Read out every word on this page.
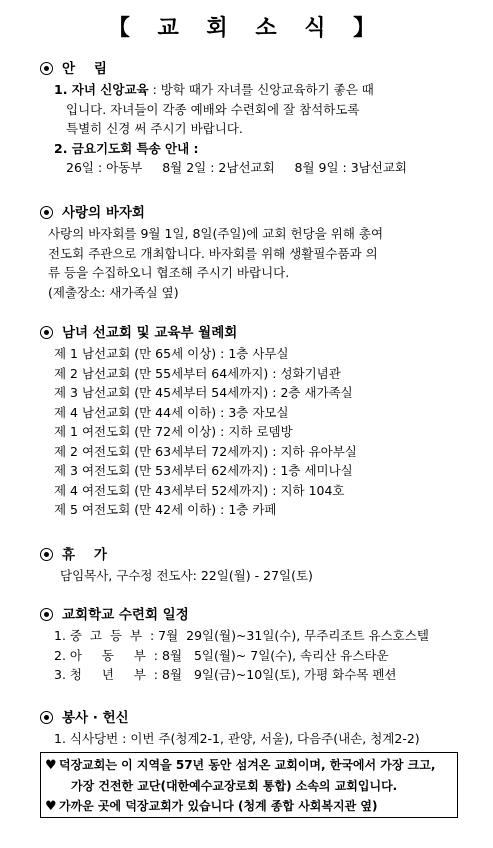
【 교 회 소 식 】
안    림
1. 자녀 신앙교육 : 방학 때가 자녀를 신앙교육하기 좋은 때
입니다. 자녀들이 각종 예배와 수련회에 잘 참석하도록
특별히 신경 써 주시기 바랍니다.
2. 금요기도회 특송 안내 :
26일 : 아동부     8월 2일 : 2남선교회     8월 9일 : 3남선교회
사랑의 바자회
사랑의 바자회를 9월 1일, 8일(주일)에 교회 헌당을 위해 총여
전도회 주관으로 개최합니다. 바자회를 위해 생활필수품과 의
류 등을 수집하오니 협조해 주시기 바랍니다.
(제출장소: 새가족실 옆)
남녀 선교회 및 교육부 월례회
제 1 남선교회 (만 65세 이상) : 1층 사무실
제 2 남선교회 (만 55세부터 64세까지) : 성화기념관
제 3 남선교회 (만 45세부터 54세까지) : 2층 새가족실
제 4 남선교회 (만 44세 이하) : 3층 자모실
제 1 여전도회 (만 72세 이상) : 지하 로뎀방
제 2 여전도회 (만 63세부터 72세까지) : 지하 유아부실
제 3 여전도회 (만 53세부터 62세까지) : 1층 세미나실
제 4 여전도회 (만 43세부터 52세까지) : 지하 104호
제 5 여전도회 (만 42세 이하) : 1층 카페
휴    가
담임목사, 구수정 전도사: 22일(월) - 27일(토)
교회학교 수련회 일정
1. 중  고  등  부  : 7월  29일(월)~31일(수), 무주리조트 유스호스텔
2. 아     동     부  : 8월   5일(월)~ 7일(수), 속리산 유스타운
3. 청     년     부  : 8월   9일(금)~10일(토), 가평 화수목 펜션
봉사 · 헌신
1. 식사당번 : 이번 주(청계2-1, 관양, 서울), 다음주(내손, 청계2-2)
♥ 덕장교회는 이 지역을 57년 동안 섬겨온 교회이며, 한국에서 가장 크고,
가장 건전한 교단(대한예수교장로회 통합) 소속의 교회입니다.
♥ 가까운 곳에 덕장교회가 있습니다 (청계 종합 사회복지관 옆)
